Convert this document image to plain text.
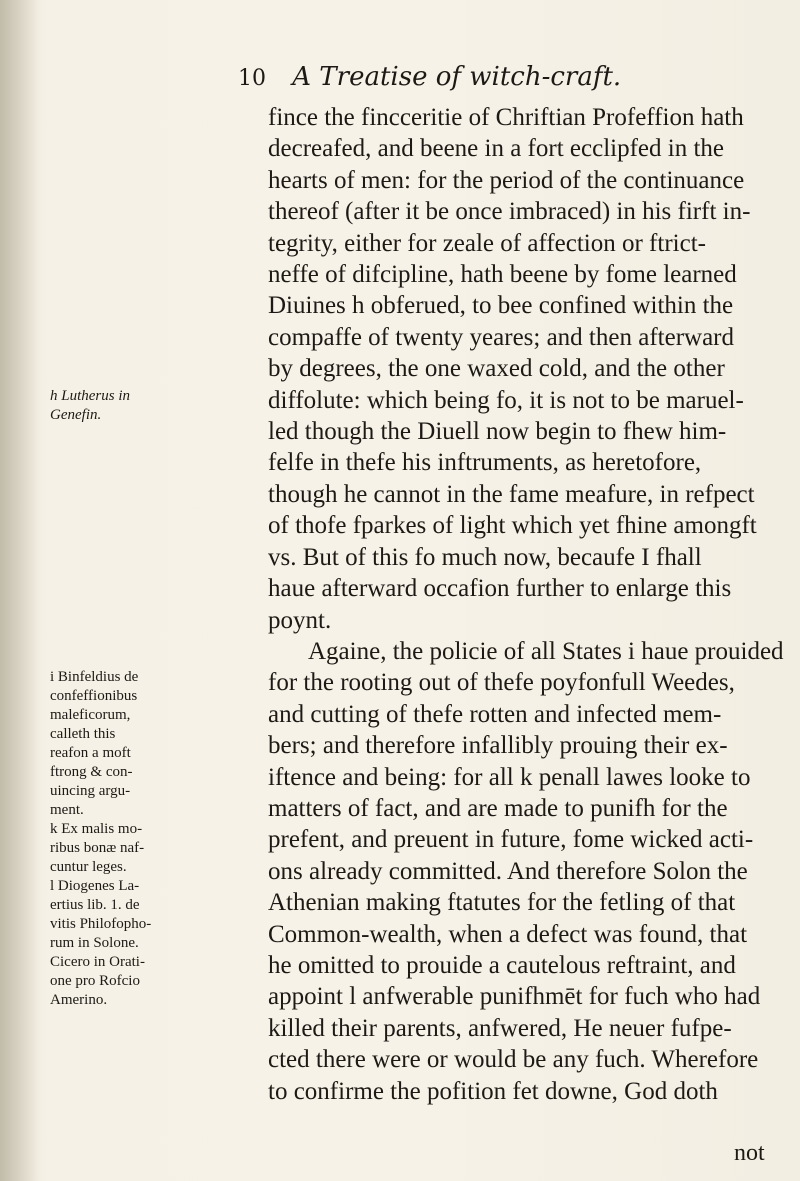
10 A Treatise of witch-craft.
fince the fincceritie of Chriftian Profeffion hath
decreafed, and beene in a fort ecclipfed in the
hearts of men: for the period of the continuance
thereof (after it be once imbraced) in his firft in-
tegrity, either for zeale of affection or ftrict-
neffe of difcipline, hath beene by fome learned
Diuines h obferued, to bee confined within the
compaffe of twenty yeares; and then afterward
by degrees, the one waxed cold, and the other
diffolute: which being fo, it is not to be maruel-
led though the Diuell now begin to fhew him-
felfe in thefe his inftruments, as heretofore,
though he cannot in the fame meafure, in refpect
of thofe fparkes of light which yet fhine amongft
vs. But of this fo much now, becaufe I fhall
haue afterward occafion further to enlarge this
poynt.
Againe, the policie of all States i haue prouided
for the rooting out of thefe poyfonfull Weedes,
and cutting of thefe rotten and infected mem-
bers; and therefore infallibly prouing their ex-
iftence and being: for all k penall lawes looke to
matters of fact, and are made to punifh for the
prefent, and preuent in future, fome wicked acti-
ons already committed. And therefore Solon the
Athenian making ftatutes for the fetling of that
Common-wealth, when a defect was found, that
he omitted to prouide a cautelous reftraint, and
appoint l anfwerable punifhmēt for fuch who had
killed their parents, anfwered, He neuer fufpe-
cted there were or would be any fuch. Wherefore
to confirme the pofition fet downe, God doth
h Lutherus in
Genefin.
i Binfeldius de
confeffionibus
maleficorum,
calleth this
reafon a moft
ftrong & con-
uincing argu-
ment.
k Ex malis mo-
ribus bonæ naf-
cuntur leges.
l Diogenes La-
ertius lib. 1. de
vitis Philofopho-
rum in Solone.
Cicero in Orati-
one pro Rofcio
Amerino.
not
